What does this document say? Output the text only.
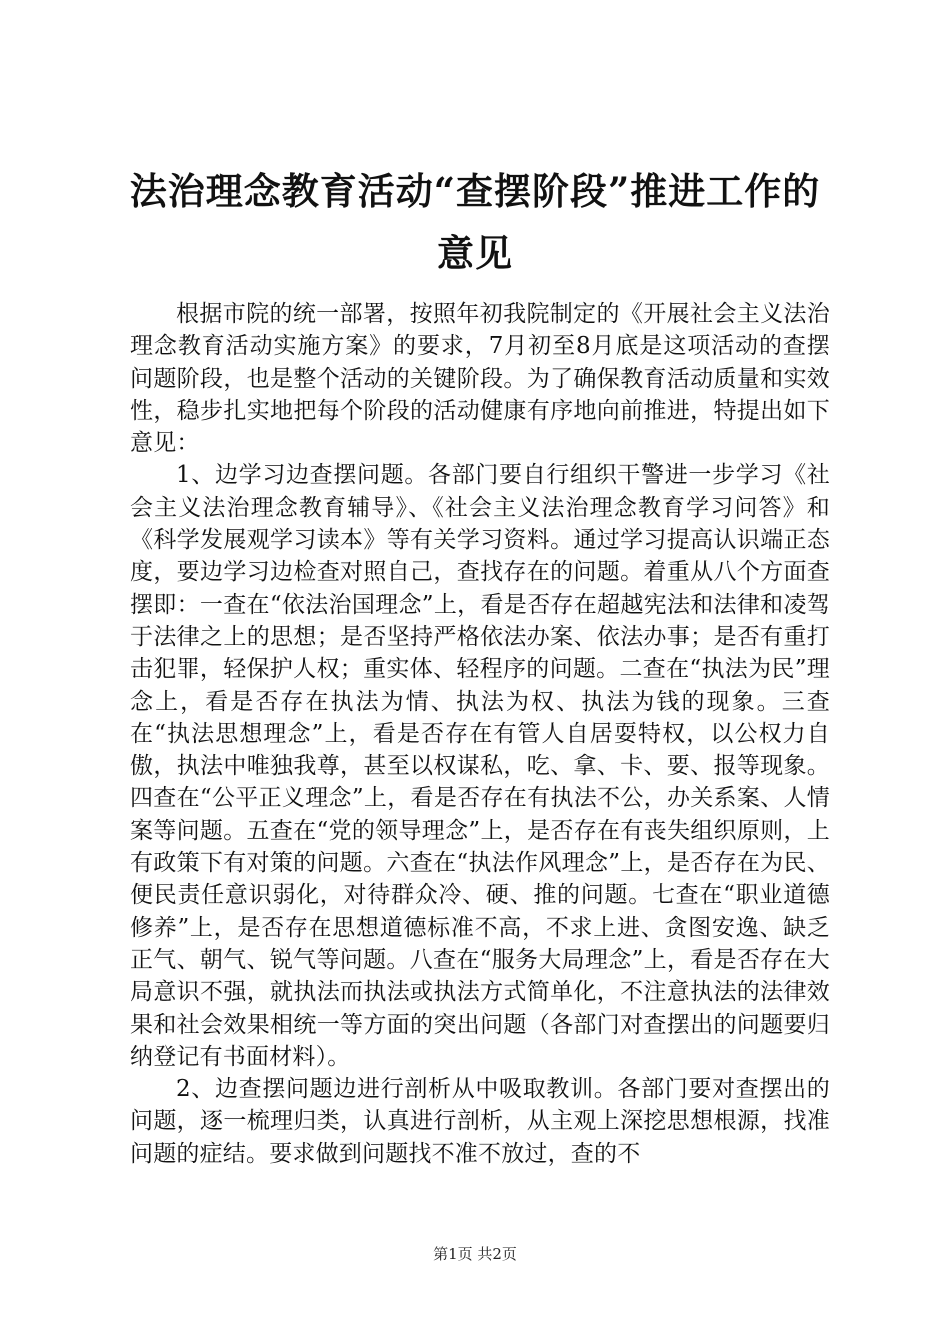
法治理念教育活动“查摆阶段”推进工作的意见

根据市院的统一部署，按照年初我院制定的《开展社会主义法治理念教育活动实施方案》的要求，7月初至8月底是这项活动的查摆问题阶段，也是整个活动的关键阶段。为了确保教育活动质量和实效性，稳步扎实地把每个阶段的活动健康有序地向前推进，特提出如下意见：

1、边学习边查摆问题。各部门要自行组织干警进一步学习《社会主义法治理念教育辅导》、《社会主义法治理念教育学习问答》和《科学发展观学习读本》等有关学习资料。通过学习提高认识端正态度，要边学习边检查对照自己，查找存在的问题。着重从八个方面查摆即：一查在“依法治国理念”上，看是否存在超越宪法和法律和凌驾于法律之上的思想；是否坚持严格依法办案、依法办事；是否有重打击犯罪，轻保护人权；重实体、轻程序的问题。二查在“执法为民”理念上，看是否存在执法为情、执法为权、执法为钱的现象。三查在“执法思想理念”上，看是否存在有管人自居耍特权，以公权力自傲，执法中唯独我尊，甚至以权谋私，吃、拿、卡、要、报等现象。四查在“公平正义理念”上，看是否存在有执法不公，办关系案、人情案等问题。五查在“党的领导理念”上，是否存在有丧失组织原则，上有政策下有对策的问题。六查在“执法作风理念”上，是否存在为民、便民责任意识弱化，对待群众冷、硬、推的问题。七查在“职业道德修养”上，是否存在思想道德标准不高，不求上进、贪图安逸、缺乏正气、朝气、锐气等问题。八查在“服务大局理念”上，看是否存在大局意识不强，就执法而执法或执法方式简单化，不注意执法的法律效果和社会效果相统一等方面的突出问题（各部门对查摆出的问题要归纳登记有书面材料）。

2、边查摆问题边进行剖析从中吸取教训。各部门要对查摆出的问题，逐一梳理归类，认真进行剖析，从主观上深挖思想根源，找准问题的症结。要求做到问题找不准不放过，查的不

第1页 共2页
